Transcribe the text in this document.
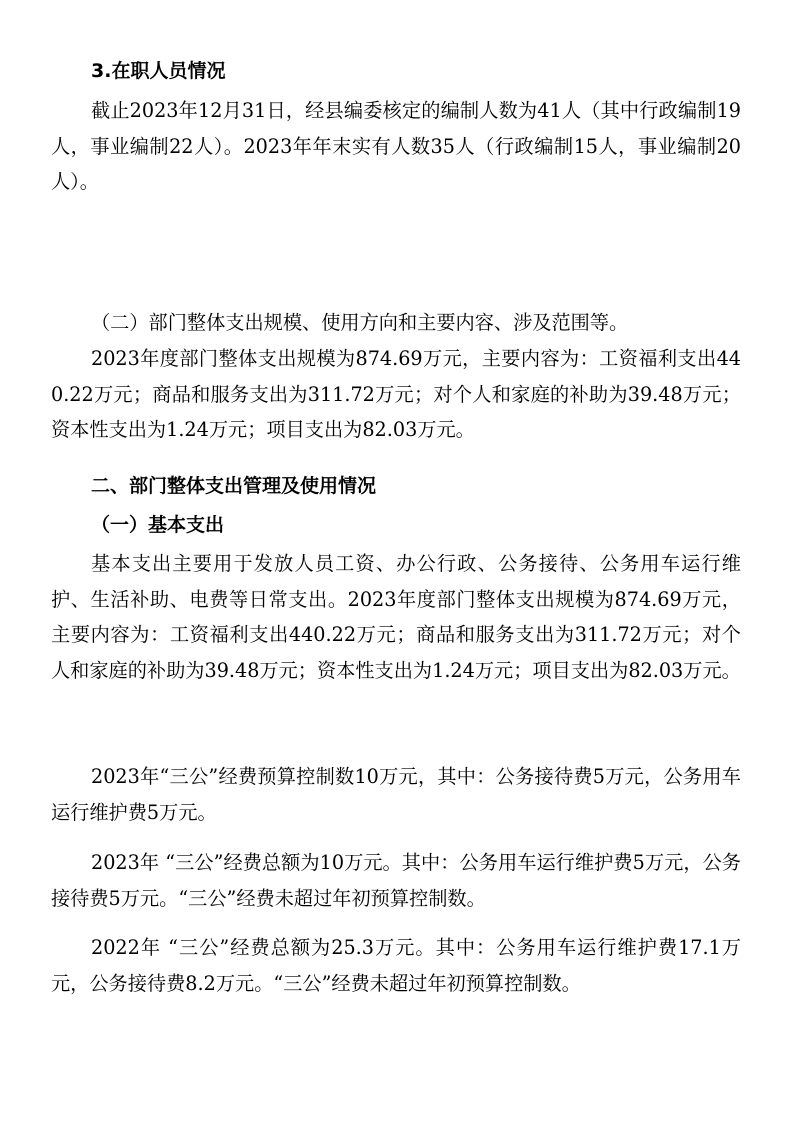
3.在职人员情况

截止2023年12月31日，经县编委核定的编制人数为41人（其中行政编制19人，事业编制22人）。2023年年末实有人数35人（行政编制15人，事业编制20人）。

（二）部门整体支出规模、使用方向和主要内容、涉及范围等。

2023年度部门整体支出规模为874.69万元，主要内容为：工资福利支出440.22万元；商品和服务支出为311.72万元；对个人和家庭的补助为39.48万元；资本性支出为1.24万元；项目支出为82.03万元。

二、部门整体支出管理及使用情况
（一）基本支出

基本支出主要用于发放人员工资、办公行政、公务接待、公务用车运行维护、生活补助、电费等日常支出。2023年度部门整体支出规模为874.69万元，主要内容为：工资福利支出440.22万元；商品和服务支出为311.72万元；对个人和家庭的补助为39.48万元；资本性支出为1.24万元；项目支出为82.03万元。

2023年“三公”经费预算控制数10万元，其中：公务接待费5万元，公务用车运行维护费5万元。

2023年 “三公”经费总额为10万元。其中：公务用车运行维护费5万元，公务接待费5万元。“三公”经费未超过年初预算控制数。

2022年 “三公”经费总额为25.3万元。其中：公务用车运行维护费17.1万元，公务接待费8.2万元。“三公”经费未超过年初预算控制数。
